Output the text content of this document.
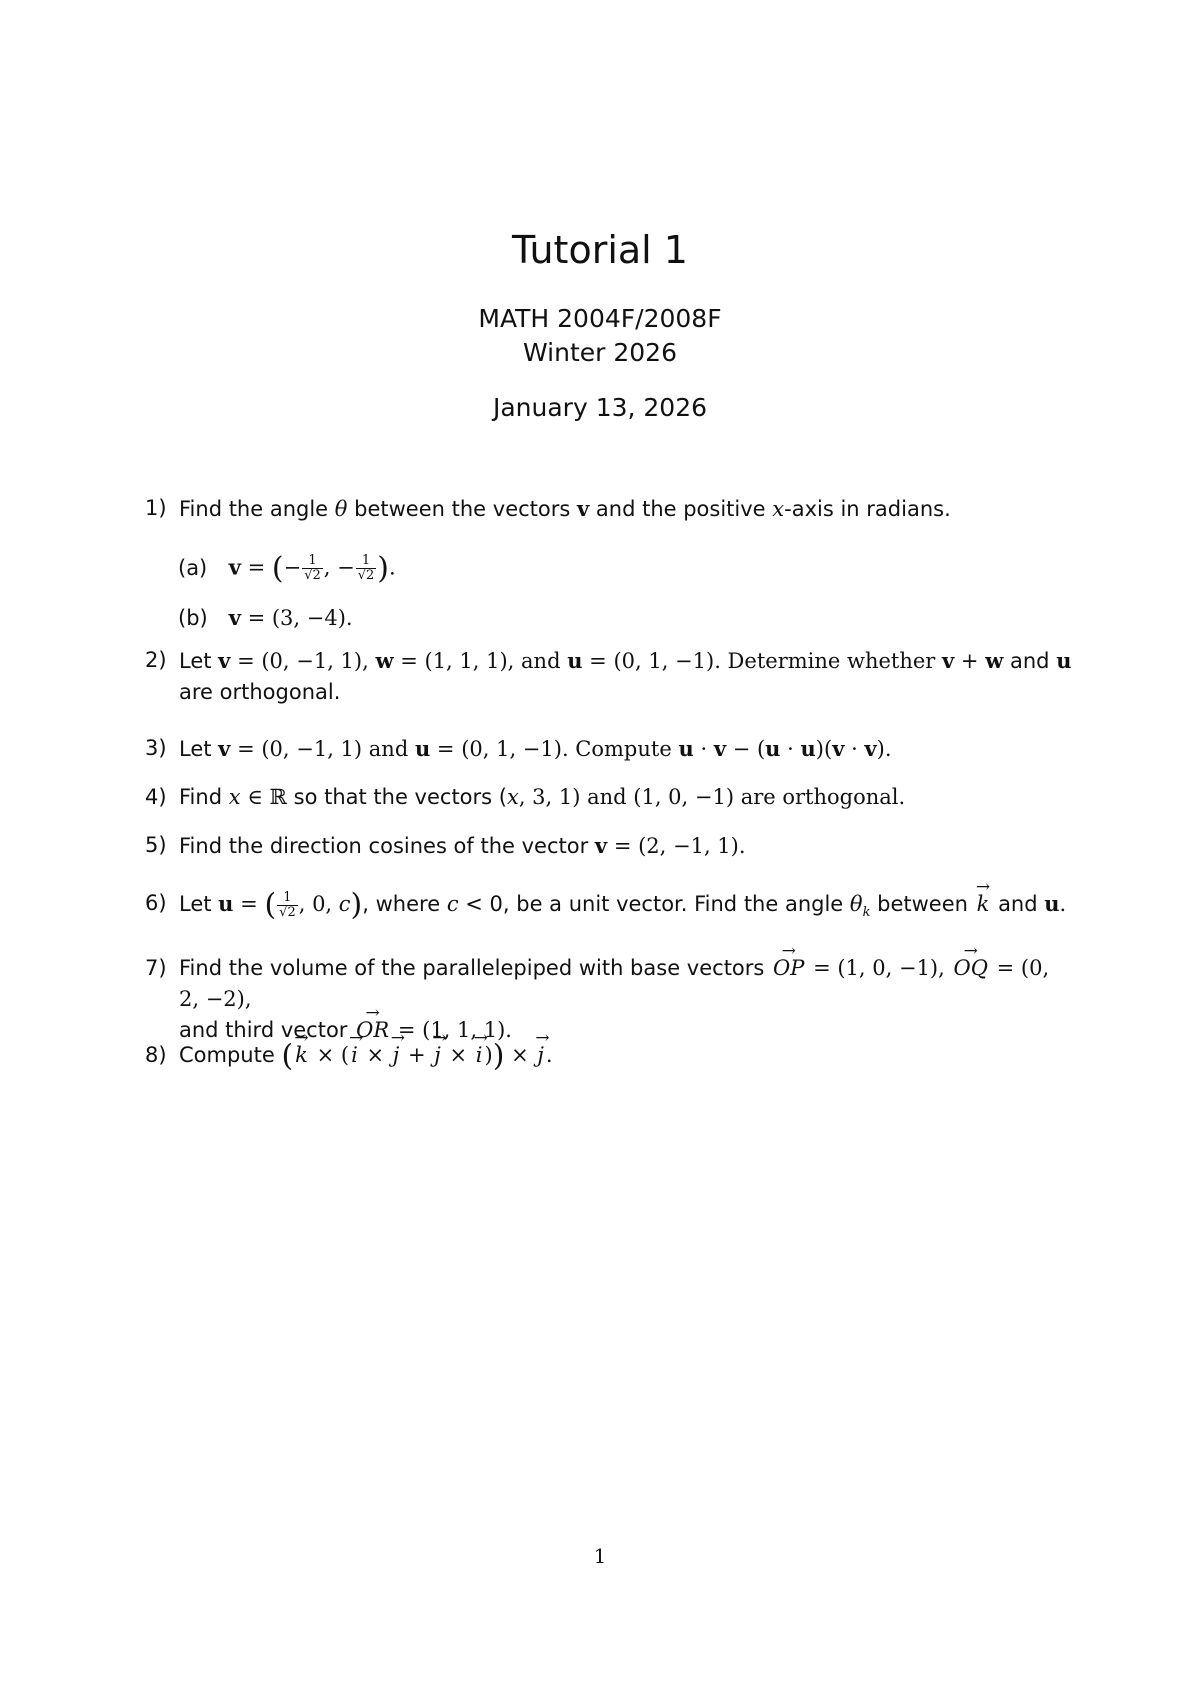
Tutorial 1
MATH 2004F/2008F
Winter 2026
January 13, 2026
1) Find the angle θ between the vectors v and the positive x-axis in radians.
(a) v = (− $\frac{1}{√2}$ , − $\frac{1}{√2}$ ).
(b) v = (3, −4).
2) Let v = (0, −1, 1), w = (1, 1, 1), and u = (0, 1, −1). Determine whether v + w and u
are orthogonal.
3) Let v = (0, −1, 1) and u = (0, 1, −1). Compute u · v − (u · u)(v · v).
4) Find x ∈ ℝ so that the vectors (x, 3, 1) and (1, 0, −1) are orthogonal.
5) Find the direction cosines of the vector v = (2, −1, 1).
6) Let u = ( $\frac{1}{√2}$ , 0, c), where c < 0, be a unit vector. Find the angle $\theta_k$ between → k and u.
7) Find the volume of the parallelepiped with base vectors → OP = (1, 0, −1), → OQ = (0, 2, −2),
and third vector → OR = (1, 1, 1).
8) Compute (→ k × (→ i × → j + → j × → i)) × → j.
1
